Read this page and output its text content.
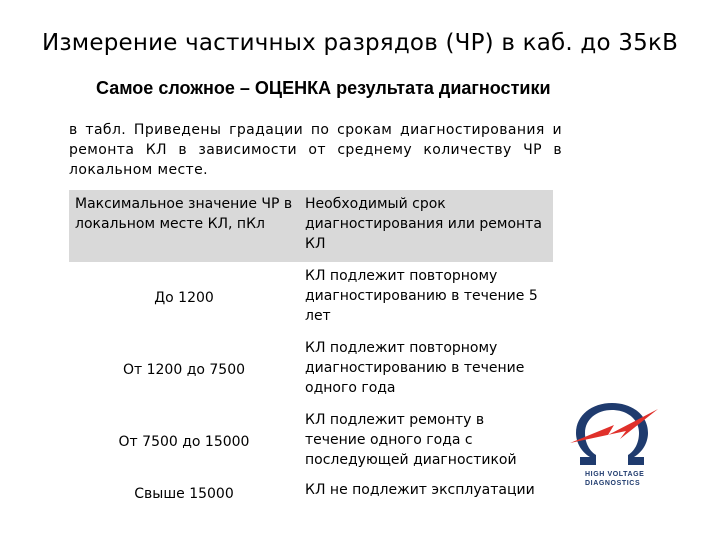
Измерение частичных разрядов (ЧР) в каб. до 35кВ
Самое сложное – ОЦЕНКА результата диагностики
в табл. Приведены градации по срокам диагностирования и ремонта КЛ в зависимости от среднему количеству ЧР в локальном месте.
Максимальное значение ЧР в локальном месте КЛ, пКл	Необходимый срок диагностирования или ремонта КЛ
До 1200	КЛ подлежит повторному диагностированию в течение 5 лет
От 1200 до 7500	КЛ подлежит повторному диагностированию в течение одного года
От 7500 до 15000	КЛ подлежит ремонту в течение одного года с последующей диагностикой
Свыше 15000	КЛ не подлежит эксплуатации
HIGH VOLTAGE
DIAGNOSTICS
